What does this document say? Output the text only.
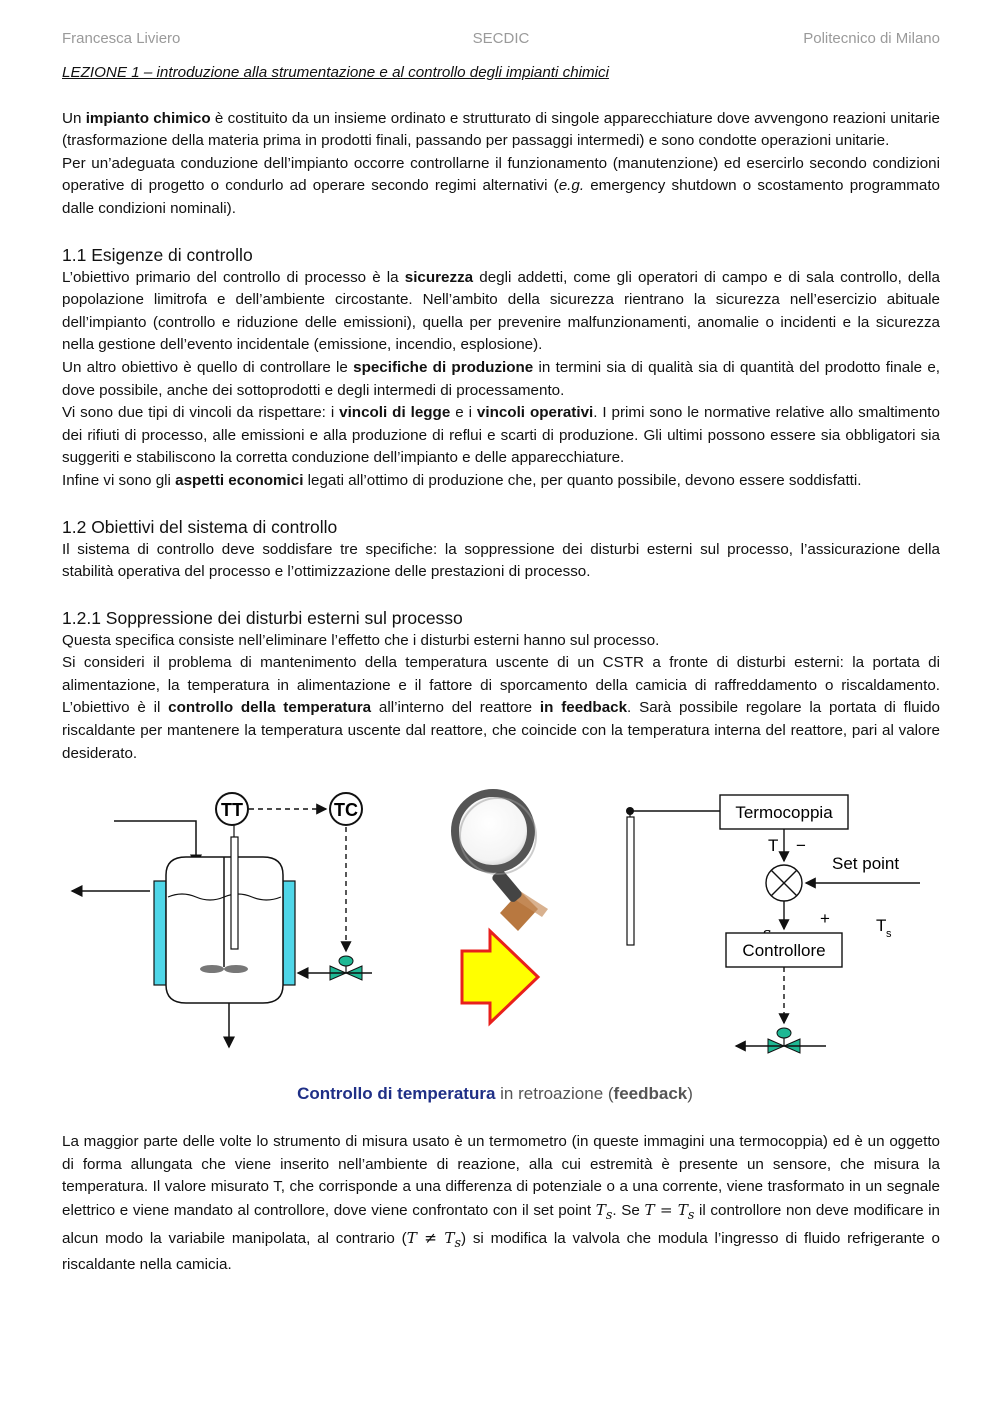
Francesca Liviero	SECDIC	Politecnico di Milano
LEZIONE 1 – introduzione alla strumentazione e al controllo degli impianti chimici

Un impianto chimico è costituito da un insieme ordinato e strutturato di singole apparecchiature dove avvengono reazioni unitarie (trasformazione della materia prima in prodotti finali, passando per passaggi intermedi) e sono condotte operazioni unitarie.

Per un’adeguata conduzione dell’impianto occorre controllarne il funzionamento (manutenzione) ed esercirlo secondo condizioni operative di progetto o condurlo ad operare secondo regimi alternativi (e.g. emergency shutdown o scostamento programmato dalle condizioni nominali).

1.1 Esigenze di controllo

L’obiettivo primario del controllo di processo è la sicurezza degli addetti, come gli operatori di campo e di sala controllo, della popolazione limitrofa e dell’ambiente circostante. Nell’ambito della sicurezza rientrano la sicurezza nell’esercizio abituale dell’impianto (controllo e riduzione delle emissioni), quella per prevenire malfunzionamenti, anomalie o incidenti e la sicurezza nella gestione dell’evento incidentale (emissione, incendio, esplosione).

Un altro obiettivo è quello di controllare le specifiche di produzione in termini sia di qualità sia di quantità del prodotto finale e, dove possibile, anche dei sottoprodotti e degli intermedi di processamento.

Vi sono due tipi di vincoli da rispettare: i vincoli di legge e i vincoli operativi. I primi sono le normative relative allo smaltimento dei rifiuti di processo, alle emissioni e alla produzione di reflui e scarti di produzione. Gli ultimi possono essere sia obbligatori sia suggeriti e stabiliscono la corretta conduzione dell’impianto e delle apparecchiature.

Infine vi sono gli aspetti economici legati all’ottimo di produzione che, per quanto possibile, devono essere soddisfatti.

1.2 Obiettivi del sistema di controllo

Il sistema di controllo deve soddisfare tre specifiche: la soppressione dei disturbi esterni sul processo, l’assicurazione della stabilità operativa del processo e l’ottimizzazione delle prestazioni di processo.

1.2.1 Soppressione dei disturbi esterni sul processo

Questa specifica consiste nell’eliminare l’effetto che i disturbi esterni hanno sul processo.

Si consideri il problema di mantenimento della temperatura uscente di un CSTR a fronte di disturbi esterni: la portata di alimentazione, la temperatura in alimentazione e il fattore di sporcamento della camicia di raffreddamento o riscaldamento. L’obiettivo è il controllo della temperatura all’interno del reattore in feedback. Sarà possibile regolare la portata di fluido riscaldante per mantenere la temperatura uscente dal reattore, che coincide con la temperatura interna del reattore, pari al valore desiderato.

TT	TC	Termocoppia
T −
Set point
+	T s
Controllore
Controllo di temperatura in retroazione (feedback)

La maggior parte delle volte lo strumento di misura usato è un termometro (in queste immagini una termocoppia) ed è un oggetto di forma allungata che viene inserito nell’ambiente di reazione, alla cui estremità è presente un sensore, che misura la temperatura. Il valore misurato T, che corrisponde a una differenza di potenziale o a una corrente, viene trasformato in un segnale elettrico e viene mandato al controllore, dove viene confrontato con il set point $T_s$. Se $T = T_s$ il controllore non deve modificare in alcun modo la variabile manipolata, al contrario $(T \ne T_s)$ si modifica la valvola che modula l’ingresso di fluido refrigerante o riscaldante nella camicia.
